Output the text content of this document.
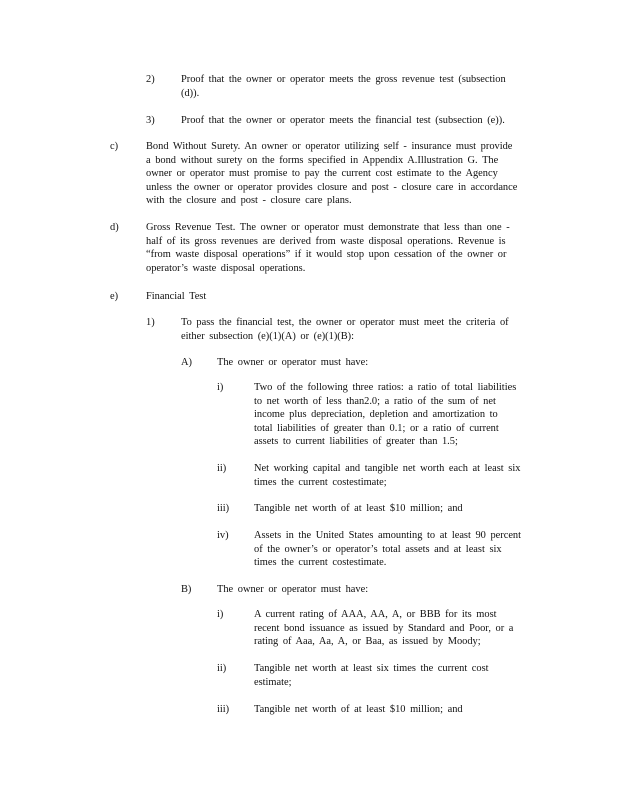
2)	Proof that the owner or operator meets the gross revenue test (subsection
(d)).
3)	Proof that the owner or operator meets the financial test (subsection (e)).
c)	Bond Without Surety. An owner or operator utilizing self - insurance must provide
a bond without surety on the forms specified in Appendix A.Illustration G. The
owner or operator must promise to pay the current cost estimate to the Agency
unless the owner or operator provides closure and post - closure care in accordance
with the closure and post - closure care plans.
d)	Gross Revenue Test. The owner or operator must demonstrate that less than one -
half of its gross revenues are derived from waste disposal operations. Revenue is
“from waste disposal operations” if it would stop upon cessation of the owner or
operator’s waste disposal operations.
e)	Financial Test
1)	To pass the financial test, the owner or operator must meet the criteria of
either subsection (e)(1)(A) or (e)(1)(B):
A) The owner or operator must have:
i)	Two of the following three ratios: a ratio of total liabilities
to net worth of less than2.0; a ratio of the sum of net
income plus depreciation, depletion and amortization to
total liabilities of greater than 0.1; or a ratio of current
assets to current liabilities of greater than 1.5;
ii)	Net working capital and tangible net worth each at least six
times the current costestimate;
iii) Tangible net worth of at least $10 million; and
iv) Assets in the United States amounting to at least 90 percent
of the owner’s or operator’s total assets and at least six
times the current costestimate.
B) The owner or operator must have:
i)	A current rating of AAA, AA, A, or BBB for its most
recent bond issuance as issued by Standard and Poor, or a
rating of Aaa, Aa, A, or Baa, as issued by Moody;
ii)	Tangible net worth at least six times the current cost
estimate;
iii) Tangible net worth of at least $10 million; and
